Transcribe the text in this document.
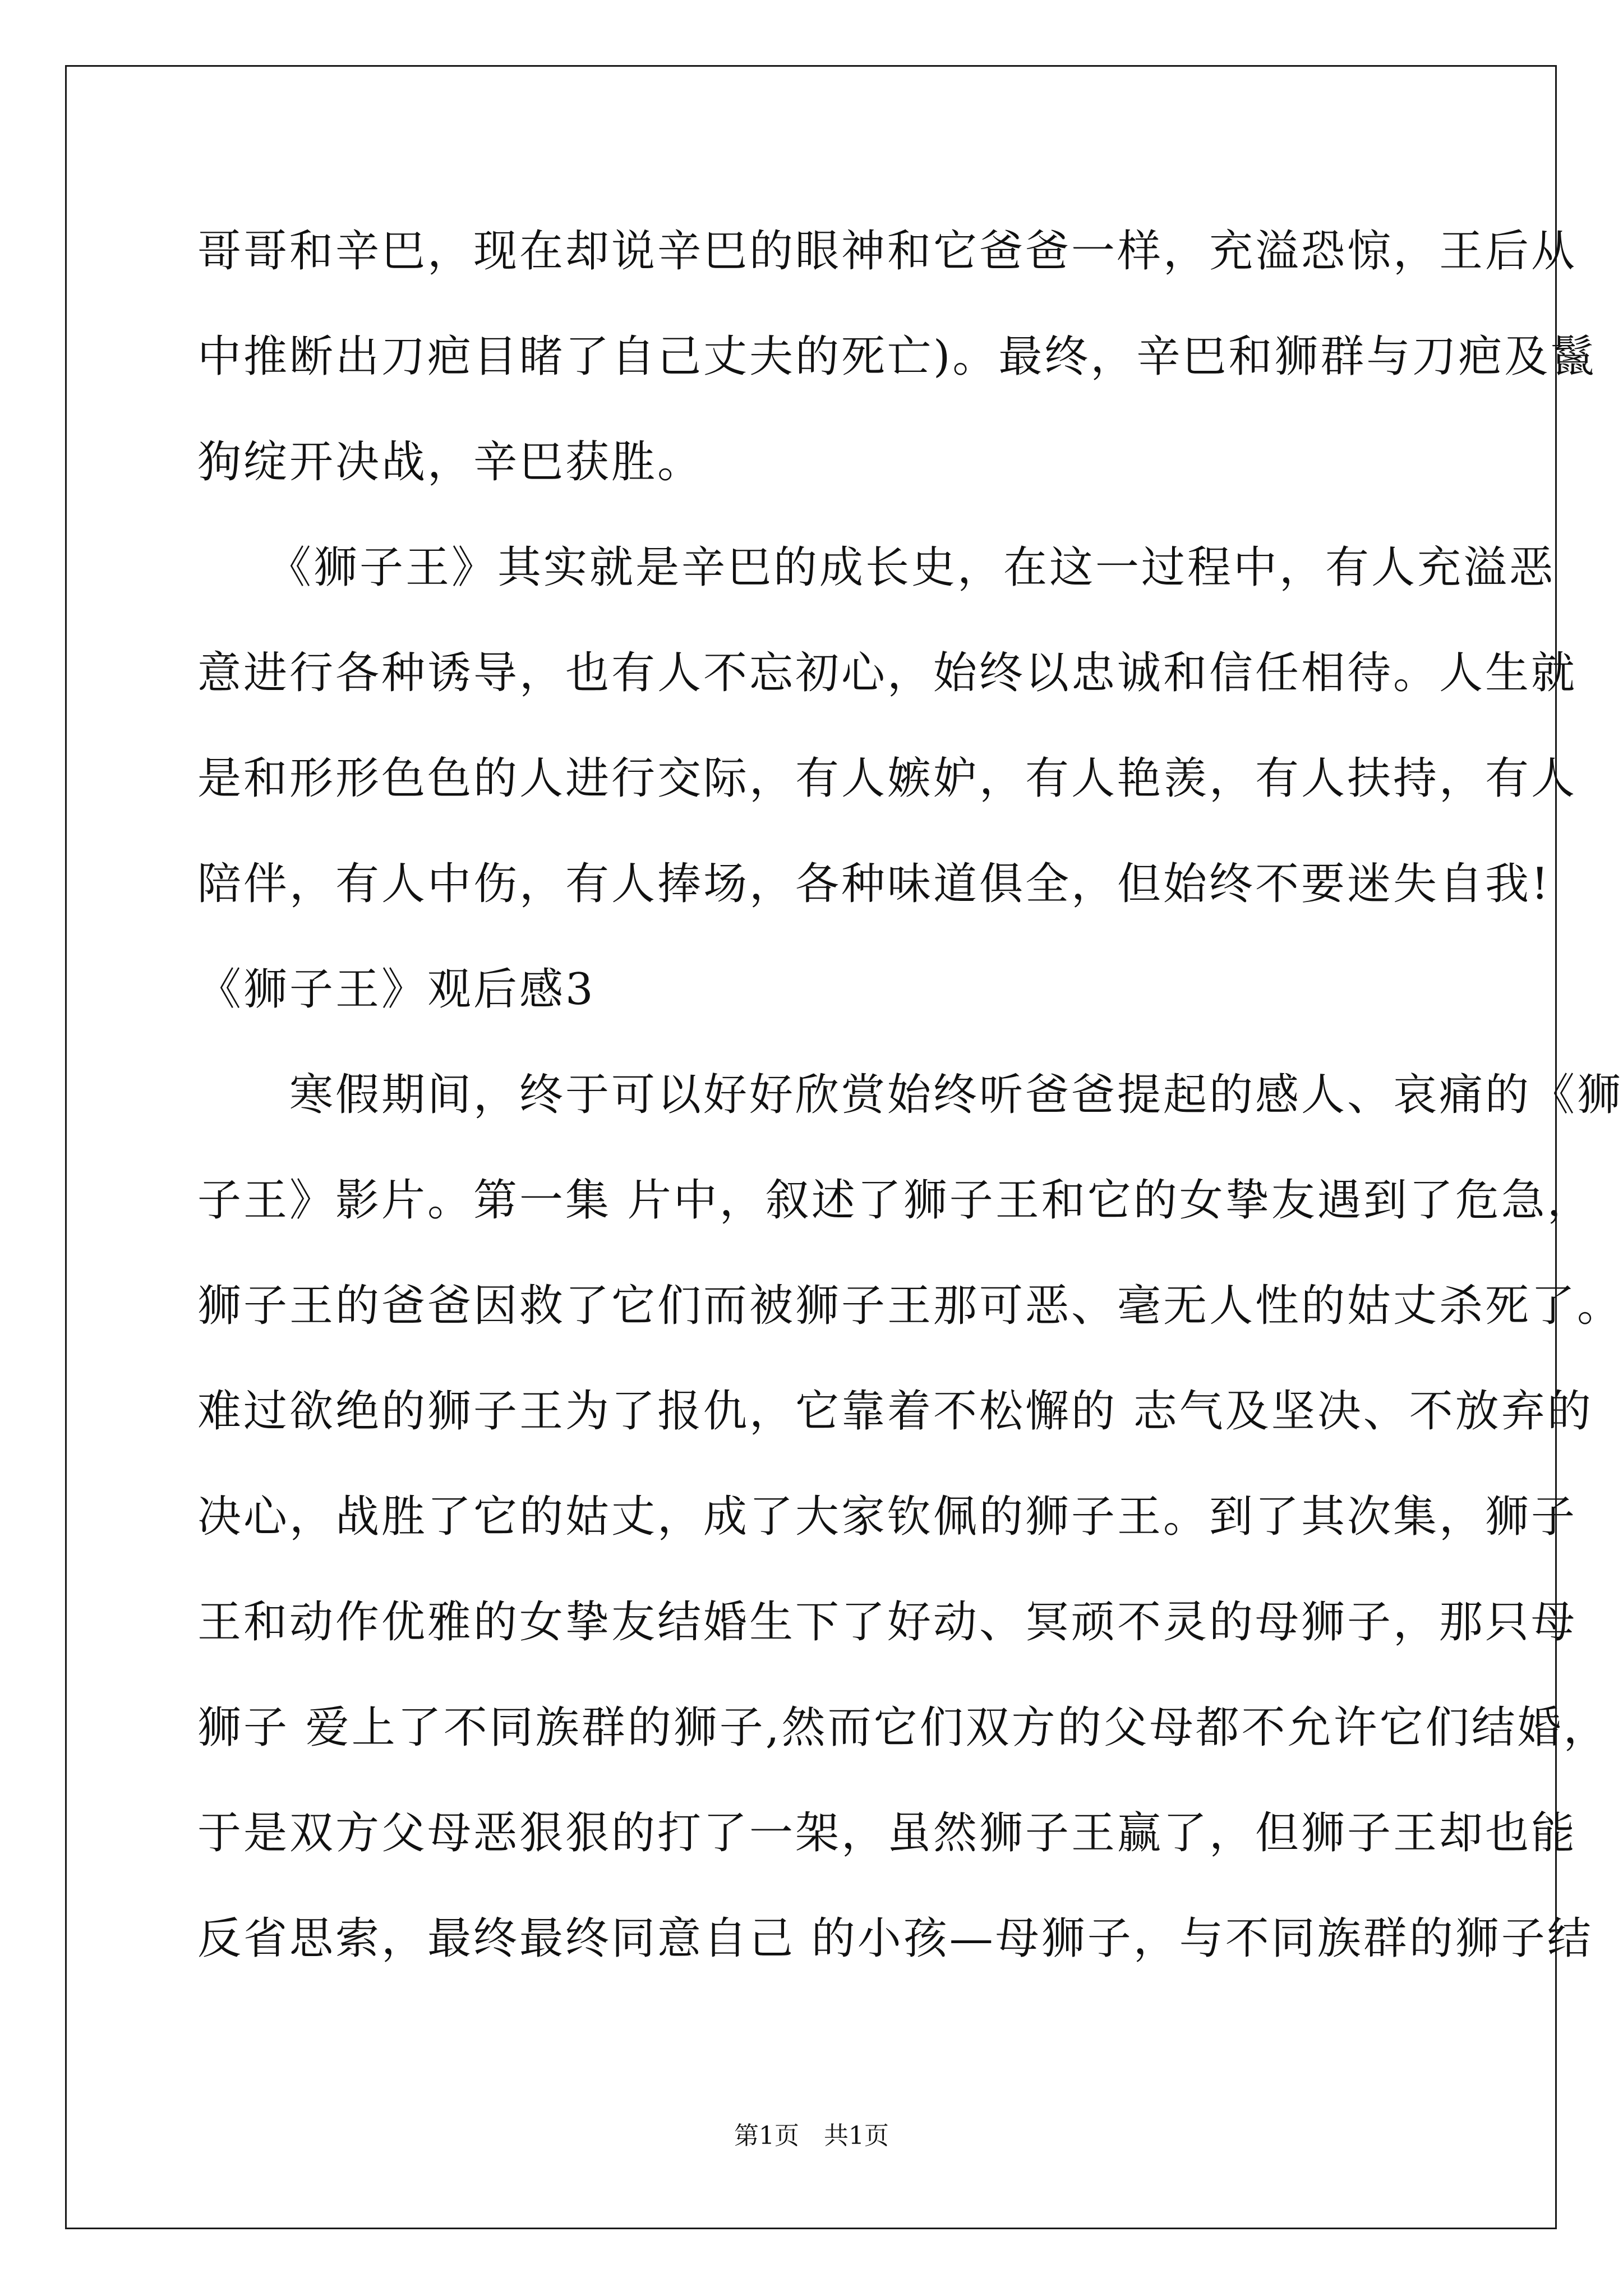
哥哥和辛巴，现在却说辛巴的眼神和它爸爸一样，充溢恐惊，王后从
中推断出刀疤目睹了自己丈夫的死亡)。最终，辛巴和狮群与刀疤及鬣
狗绽开决战，辛巴获胜。
　　《狮子王》其实就是辛巴的成长史，在这一过程中，有人充溢恶
意进行各种诱导，也有人不忘初心，始终以忠诚和信任相待。人生就
是和形形色色的人进行交际，有人嫉妒，有人艳羡，有人扶持，有人
陪伴，有人中伤，有人捧场，各种味道俱全，但始终不要迷失自我!
《狮子王》观后感3
　　寒假期间，终于可以好好欣赏始终听爸爸提起的感人、哀痛的《狮
子王》影片。第一集 片中，叙述了狮子王和它的女挚友遇到了危急，
狮子王的爸爸因救了它们而被狮子王那可恶、毫无人性的姑丈杀死了。
难过欲绝的狮子王为了报仇，它靠着不松懈的 志气及坚决、不放弃的
决心，战胜了它的姑丈，成了大家钦佩的狮子王。到了其次集，狮子
王和动作优雅的女挚友结婚生下了好动、冥顽不灵的母狮子，那只母
狮子 爱上了不同族群的狮子,然而它们双方的父母都不允许它们结婚，
于是双方父母恶狠狠的打了一架，虽然狮子王赢了，但狮子王却也能
反省思索，最终最终同意自己 的小孩—母狮子，与不同族群的狮子结
第1页　共1页
